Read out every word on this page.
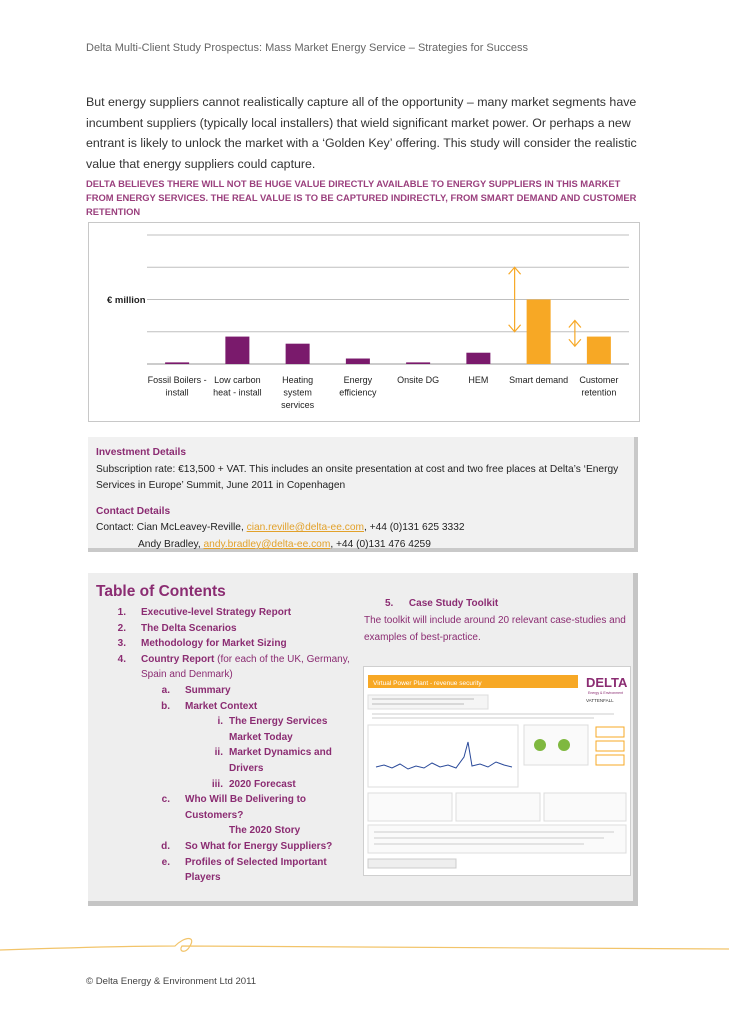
Delta Multi-Client Study Prospectus: Mass Market Energy Service – Strategies for Success

But energy suppliers cannot realistically capture all of the opportunity – many market segments have incumbent suppliers (typically local installers) that wield significant market power. Or perhaps a new entrant is likely to unlock the market with a ‘Golden Key’ offering. This study will consider the realistic value that energy suppliers could capture.

DELTA BELIEVES THERE WILL NOT BE HUGE VALUE DIRECTLY AVAILABLE TO ENERGY SUPPLIERS IN THIS MARKET FROM ENERGY SERVICES. THE REAL VALUE IS TO BE CAPTURED INDIRECTLY, FROM SMART DEMAND AND CUSTOMER RETENTION

€ million
Fossil Boilers -install
Low carbon heat - install
Heating system services
Energy efficiency
Onsite DG	HEM Smart demand Customer retention
Investment Details
Subscription rate: €13,500 + VAT. This includes an onsite presentation at cost and two free places at Delta’s ‘Energy Services in Europe’ Summit, June 2011 in Copenhagen
Contact Details
Contact: Cian McLeavey-Reville, cian.reville@delta-ee.com, +44 (0)131 625 3332
Andy Bradley, andy.bradley@delta-ee.com, +44 (0)131 476 4259
Table of Contents
1.	Executive-level Strategy Report
2.	The Delta Scenarios
3.	Methodology for Market Sizing
4.	Country Report (for each of the UK, Germany, Spain and Denmark)
a.	Summary
b.	Market Context
i. The Energy Services Market Today
ii. Market Dynamics and Drivers
iii. 2020 Forecast
c.	Who Will Be Delivering to Customers?
The 2020 Story
d.	So What for Energy Suppliers?
e.	Profiles of Selected Important Players
5. Case Study Toolkit
The toolkit will include around 20 relevant case-studies and examples of best-practice.
Virtual Power Plant - revenue security	DELTA
Energy & Environment
VATTENFALL
© Delta Energy & Environment Ltd 2011
